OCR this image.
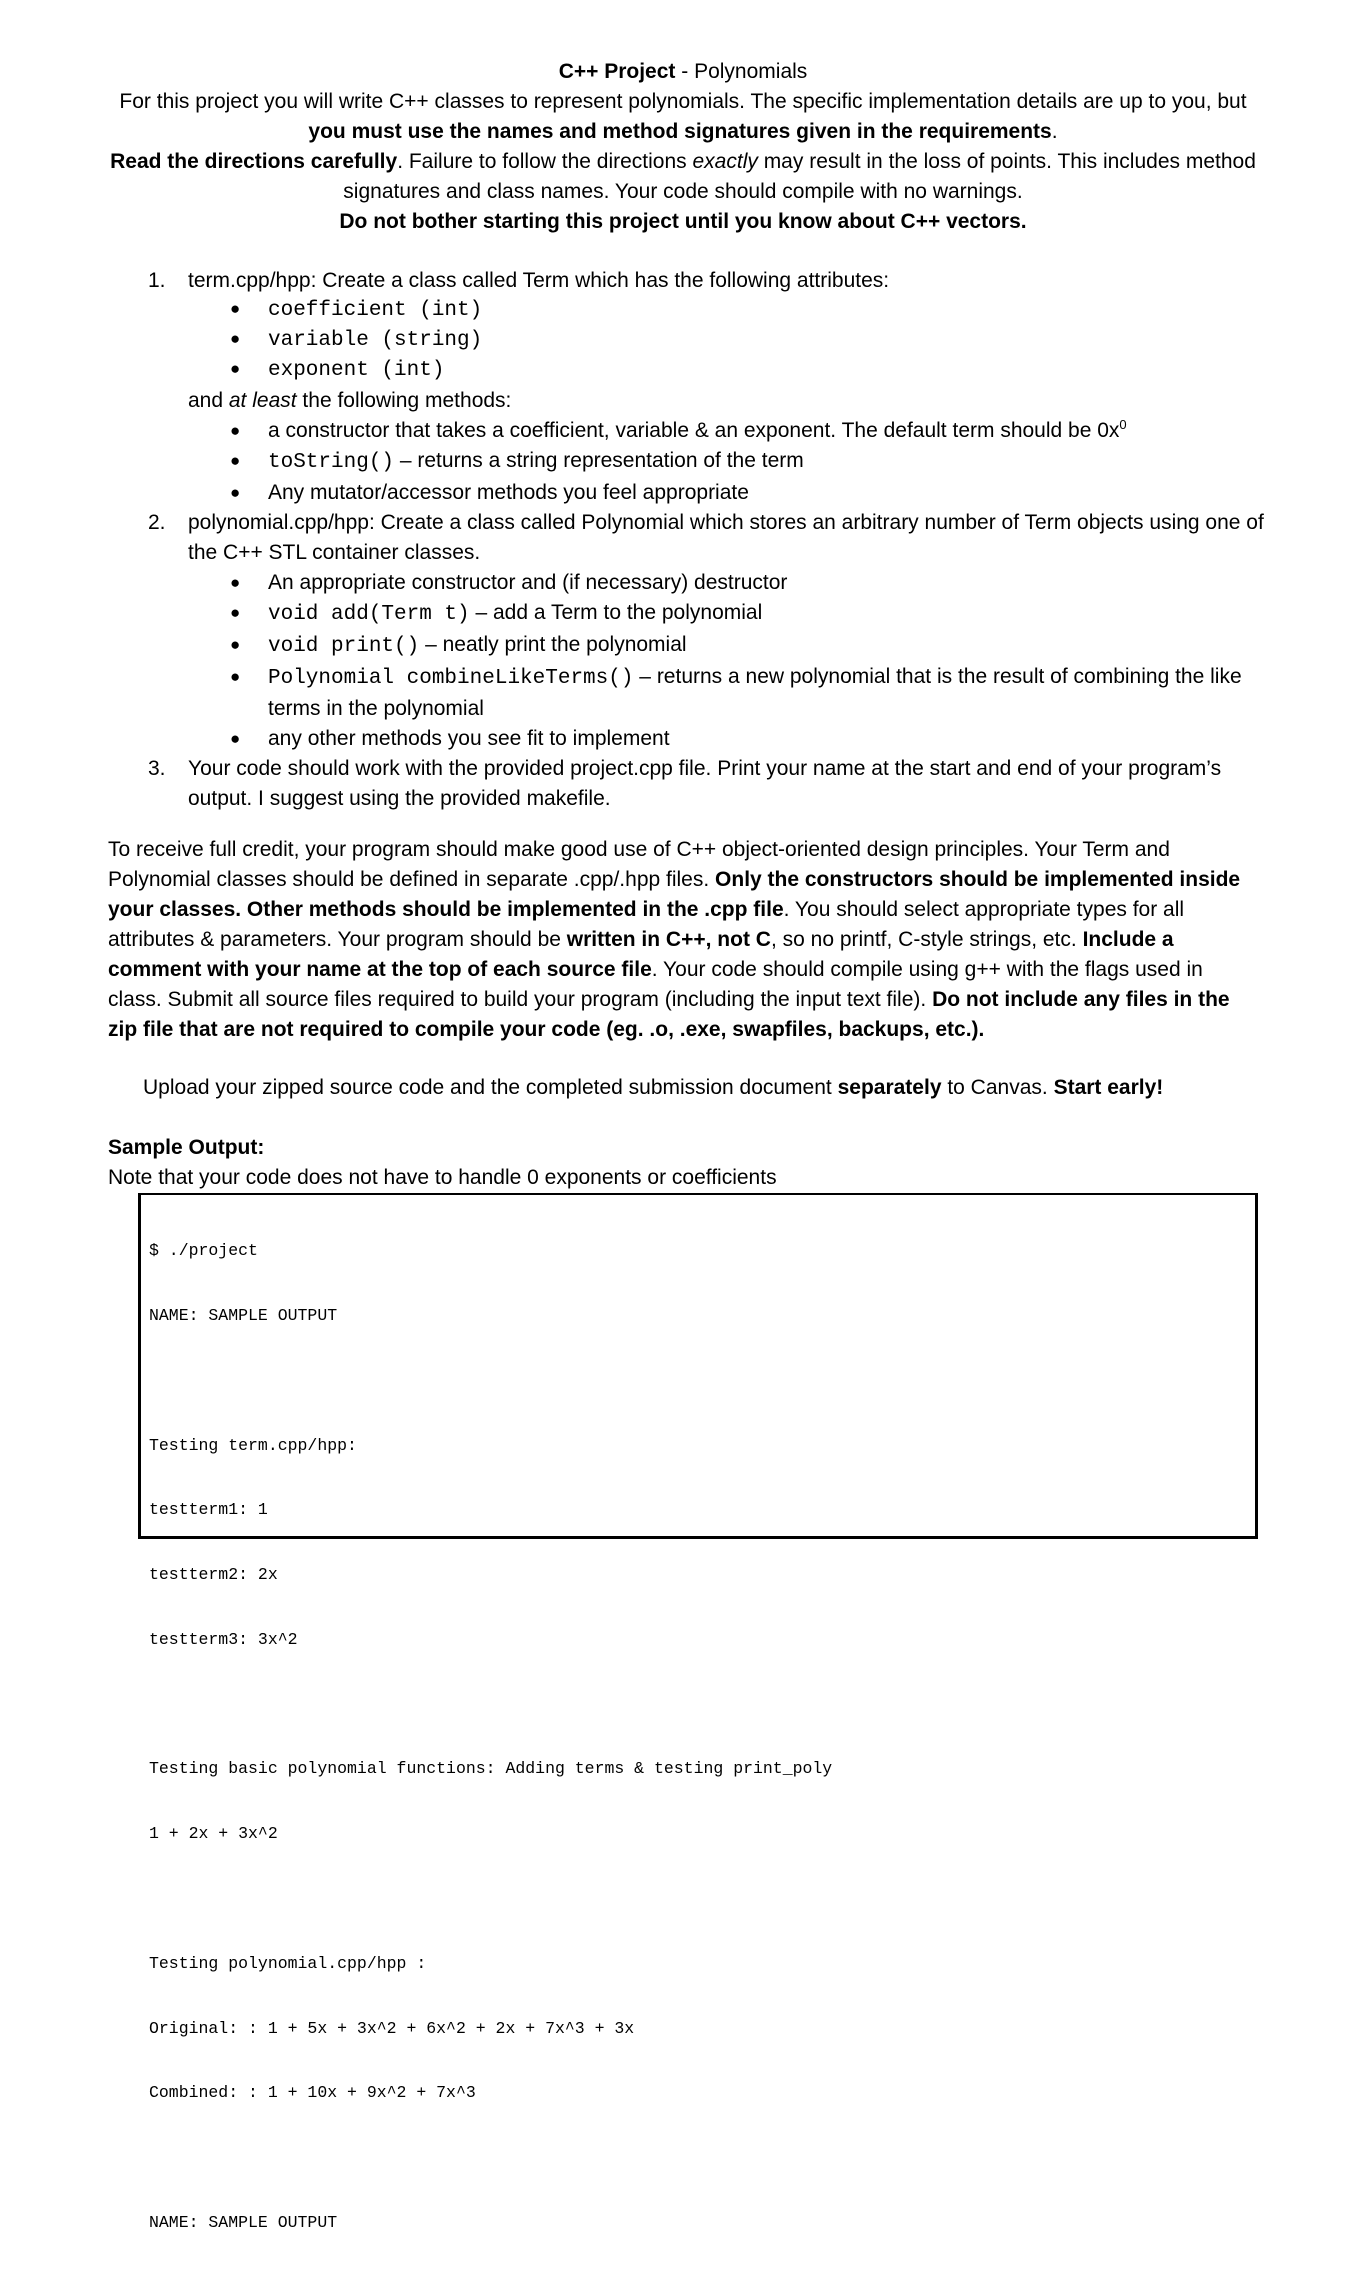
C++ Project - Polynomials
For this project you will write C++ classes to represent polynomials. The specific implementation details are up to you, but you must use the names and method signatures given in the requirements.
Read the directions carefully. Failure to follow the directions exactly may result in the loss of points. This includes method signatures and class names. Your code should compile with no warnings.
Do not bother starting this project until you know about C++ vectors.
1. term.cpp/hpp: Create a class called Term which has the following attributes:
● coefficient (int)
● variable (string)
● exponent (int)
and at least the following methods:
● a constructor that takes a coefficient, variable & an exponent. The default term should be $0x^0$
● toString() – returns a string representation of the term
● Any mutator/accessor methods you feel appropriate
2. polynomial.cpp/hpp: Create a class called Polynomial which stores an arbitrary number of Term objects using one of the C++ STL container classes.
● An appropriate constructor and (if necessary) destructor
● void add(Term t) – add a Term to the polynomial
● void print() – neatly print the polynomial
● Polynomial combineLikeTerms() – returns a new polynomial that is the result of combining the like terms in the polynomial
● any other methods you see fit to implement
3. Your code should work with the provided project.cpp file. Print your name at the start and end of your program’s output. I suggest using the provided makefile.
To receive full credit, your program should make good use of C++ object-oriented design principles. Your Term and Polynomial classes should be defined in separate .cpp/.hpp files. Only the constructors should be implemented inside your classes. Other methods should be implemented in the .cpp file. You should select appropriate types for all attributes & parameters. Your program should be written in C++, not C, so no printf, C-style strings, etc. Include a comment with your name at the top of each source file. Your code should compile using g++ with the flags used in class. Submit all source files required to build your program (including the input text file). Do not include any files in the zip file that are not required to compile your code (eg. .o, .exe, swapfiles, backups, etc.).
Upload your zipped source code and the completed submission document separately to Canvas. Start early!
Sample Output:
Note that your code does not have to handle 0 exponents or coefficients

$ ./project

NAME: SAMPLE OUTPUT

Testing term.cpp/hpp:

testterm1: 1

testterm2: 2x

testterm3: 3x^2

Testing basic polynomial functions: Adding terms & testing print_poly

1 + 2x + 3x^2

Testing polynomial.cpp/hpp :

Original: : 1 + 5x + 3x^2 + 6x^2 + 2x + 7x^3 + 3x

Combined: : 1 + 10x + 9x^2 + 7x^3

NAME: SAMPLE OUTPUT
